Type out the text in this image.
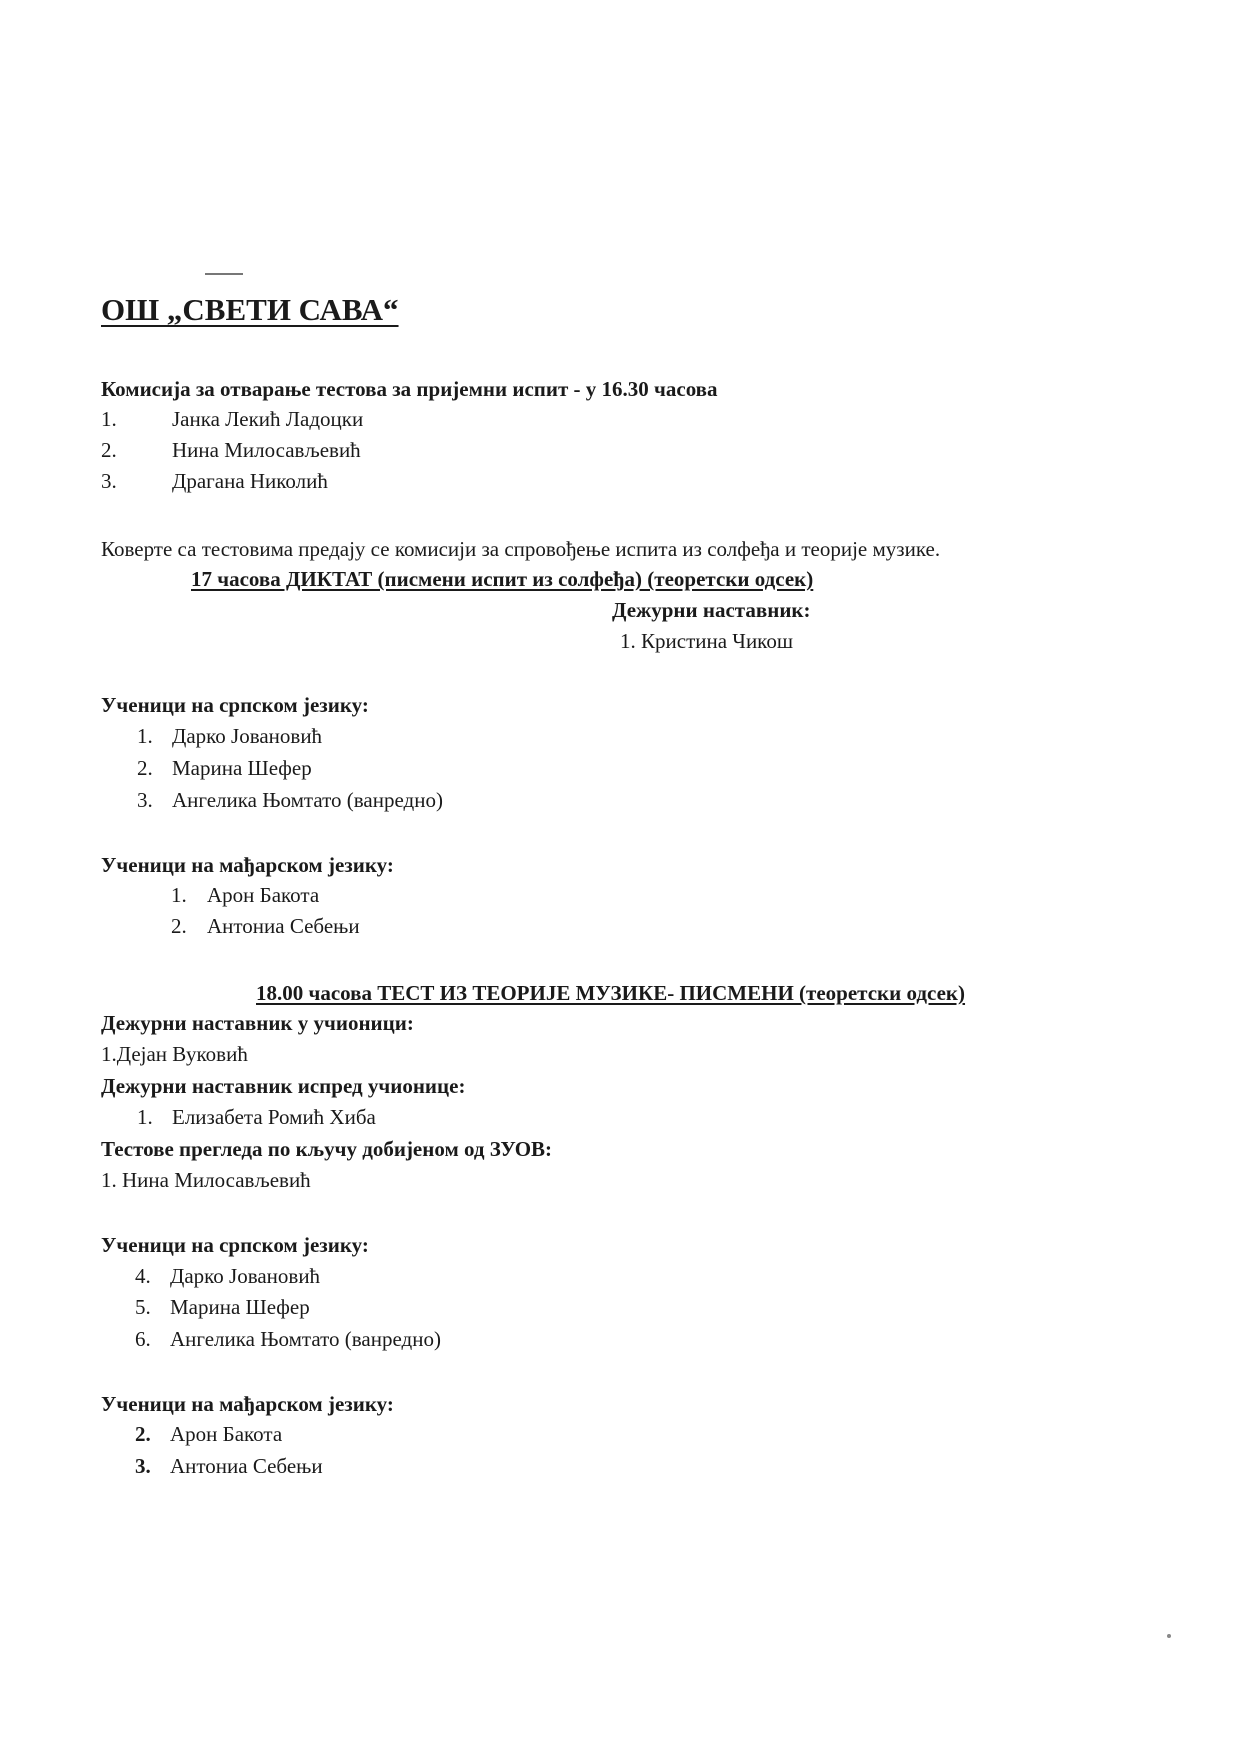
ОШ „СВЕТИ САВА“
Комисија за отварање тестова за пријемни испит - у 16.30 часова
1.	Јанка Лекић Ладоцки
2.	Нина Милосављевић
3.	Драгана Николић
Коверте са тестовима предају се комисији за спровођење испита из солфеђа и теорије музике.
17 часова ДИКТАТ (писмени испит из солфеђа) (теоретски одсек)
Дежурни наставник:
1. Кристина Чикош
Ученици на српском језику:
1. Дарко Јовановић
2. Марина Шефер
3. Ангелика Њомтато (ванредно)
Ученици на мађарском језику:
1. Арон Бакота
2. Антониа Себењи
18.00 часова ТЕСТ ИЗ ТЕОРИЈЕ МУЗИКЕ- ПИСМЕНИ (теоретски одсек)
Дежурни наставник у учионици:
1.Дејан Вуковић
Дежурни наставник испред учионице:
1. Елизабета Ромић Хиба
Тестове прегледа по кључу добијеном од ЗУОВ:
1. Нина Милосављевић
Ученици на српском језику:
4. Дарко Јовановић
5. Марина Шефер
6. Ангелика Њомтато (ванредно)
Ученици на мађарском језику:
2. Арон Бакота
3. Антониа Себењи
